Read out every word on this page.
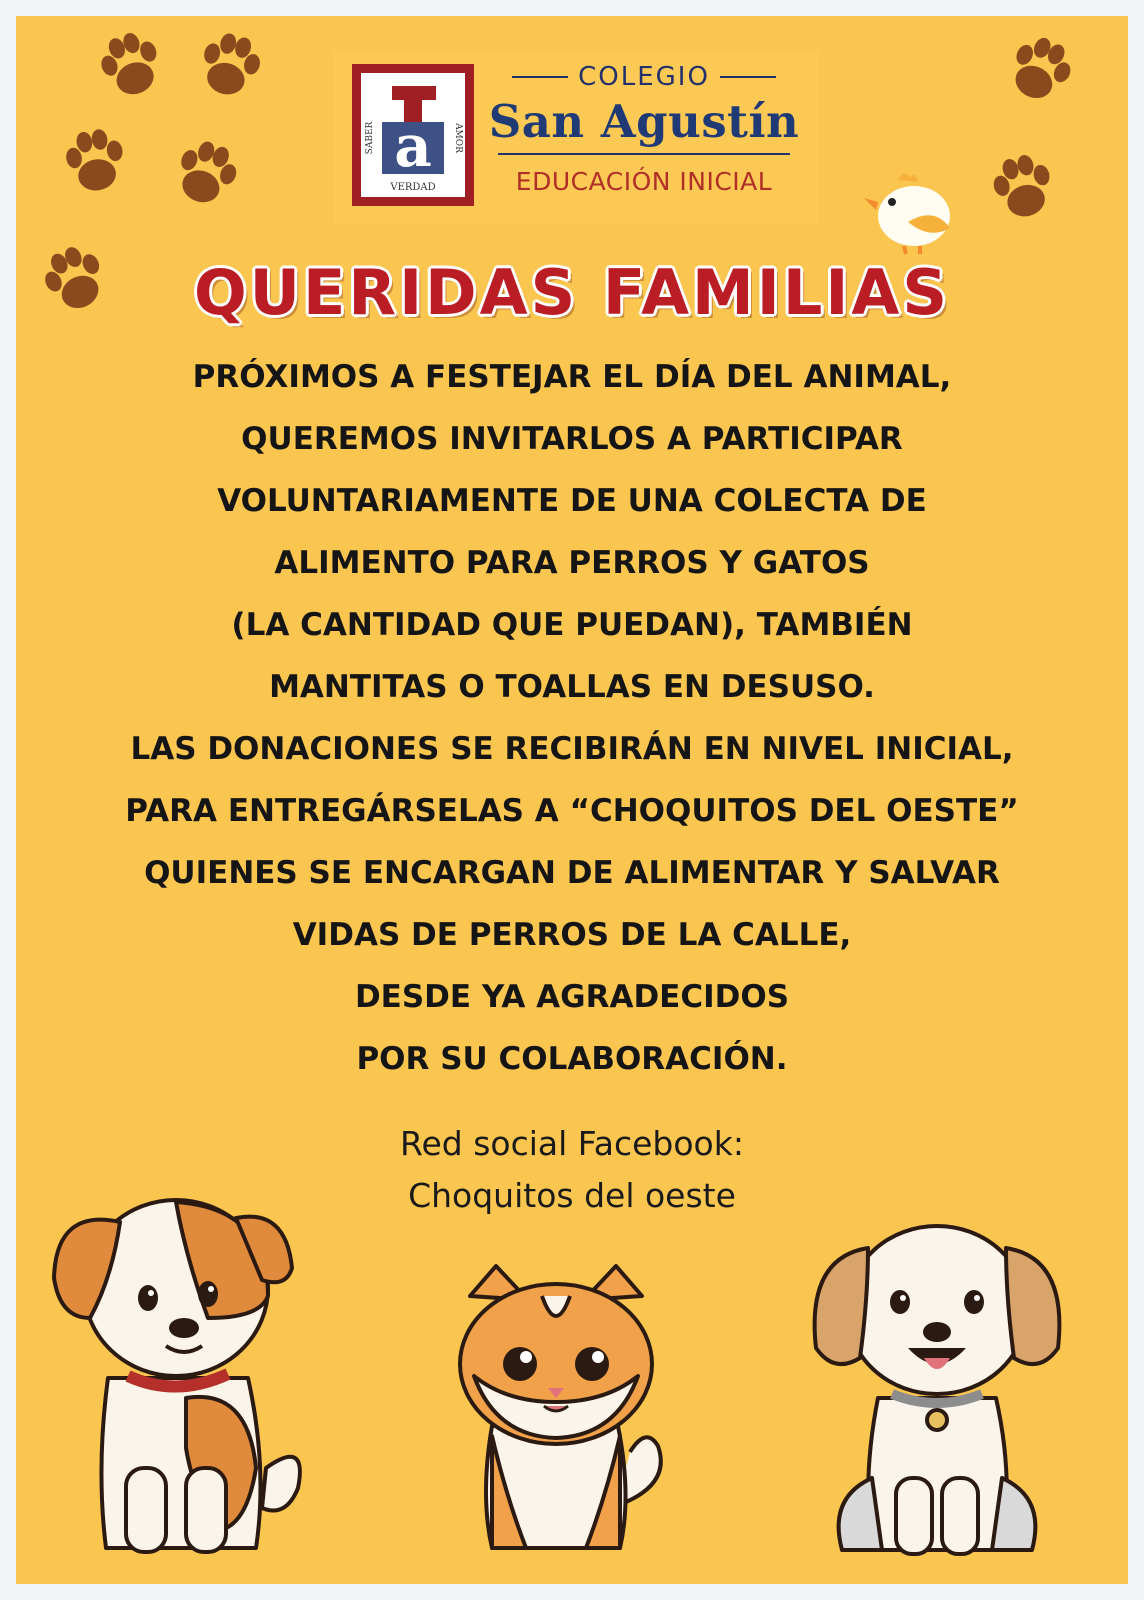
a
SABER	AMOR
VERDAD
COLEGIO
San Agustín
EDUCACIÓN INICIAL
QUERIDAS FAMILIAS
PRÓXIMOS A FESTEJAR EL DÍA DEL ANIMAL,
QUEREMOS INVITARLOS A PARTICIPAR
VOLUNTARIAMENTE DE UNA COLECTA DE
ALIMENTO PARA PERROS Y GATOS
(LA CANTIDAD QUE PUEDAN), TAMBIÉN
MANTITAS O TOALLAS EN DESUSO.
LAS DONACIONES SE RECIBIRÁN EN NIVEL INICIAL,
PARA ENTREGÁRSELAS A “CHOQUITOS DEL OESTE”
QUIENES SE ENCARGAN DE ALIMENTAR Y SALVAR
VIDAS DE PERROS DE LA CALLE,
DESDE YA AGRADECIDOS
POR SU COLABORACIÓN.
Red social Facebook:
Choquitos del oeste
